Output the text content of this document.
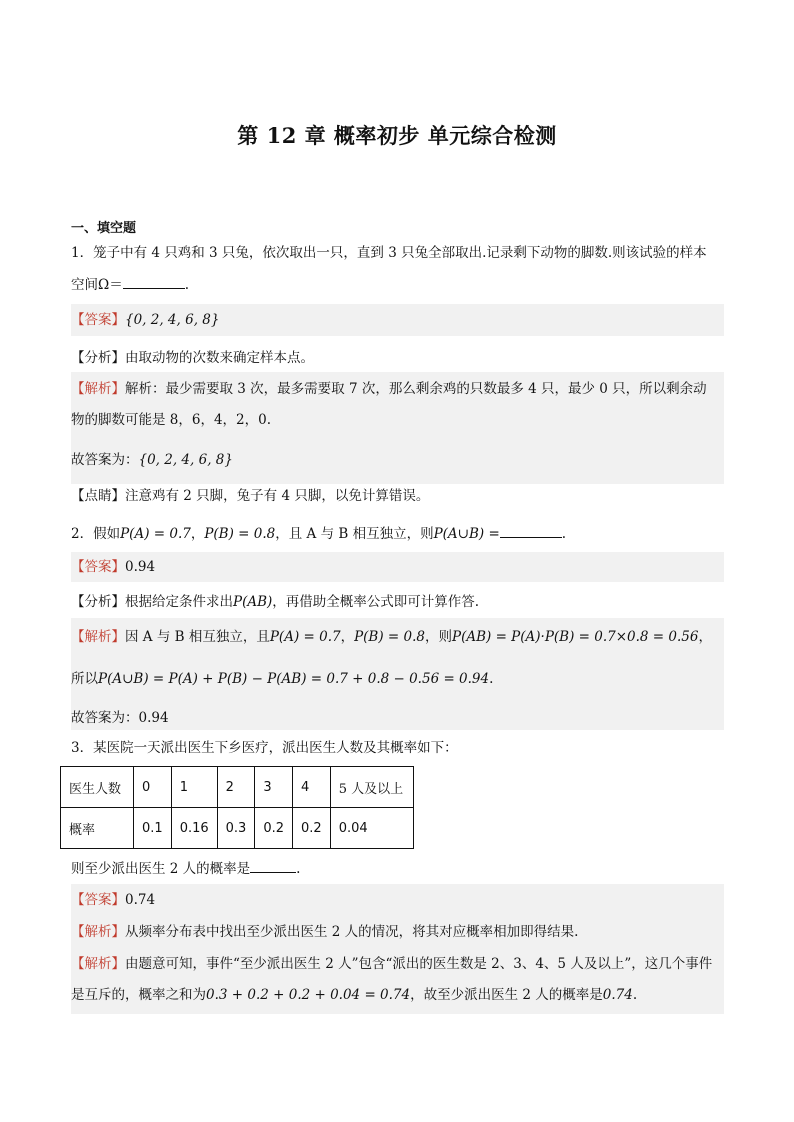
第 12 章 概率初步 单元综合检测
一、填空题
1．笼子中有 4 只鸡和 3 只兔，依次取出一只，直到 3 只兔全部取出.记录剩下动物的脚数.则该试验的样本
空间Ω＝	.
【答案】{0, 2, 4, 6, 8}
【分析】由取动物的次数来确定样本点。
【解析】解析：最少需要取 3 次，最多需要取 7 次，那么剩余鸡的只数最多 4 只，最少 0 只，所以剩余动
物的脚数可能是 8，6，4，2，0.
故答案为：{0, 2, 4, 6, 8}
【点睛】注意鸡有 2 只脚，兔子有 4 只脚，以免计算错误。
2．假如P(A) = 0.7，P(B) = 0.8，且 A 与 B 相互独立，则P(A∪B) =	.
【答案】0.94
【分析】根据给定条件求出P(AB)，再借助全概率公式即可计算作答.
【解析】因 A 与 B 相互独立，且P(A) = 0.7，P(B) = 0.8，则P(AB) = P(A)·P(B) = 0.7×0.8 = 0.56，
所以P(A∪B) = P(A) + P(B) − P(AB) = 0.7 + 0.8 − 0.56 = 0.94.
故答案为：0.94
3．某医院一天派出医生下乡医疗，派出医生人数及其概率如下：
医生人数	0	1	2	3	4	5 人及以上
概率	0.1	0.16	0.3	0.2	0.2	0.04
则至少派出医生 2 人的概率是	.
【答案】0.74
【解析】从频率分布表中找出至少派出医生 2 人的情况，将其对应概率相加即得结果.
【解析】由题意可知，事件“至少派出医生 2 人”包含“派出的医生数是 2、3、4、5 人及以上”，这几个事件
是互斥的，概率之和为0.3 + 0.2 + 0.2 + 0.04 = 0.74，故至少派出医生 2 人的概率是0.74.
